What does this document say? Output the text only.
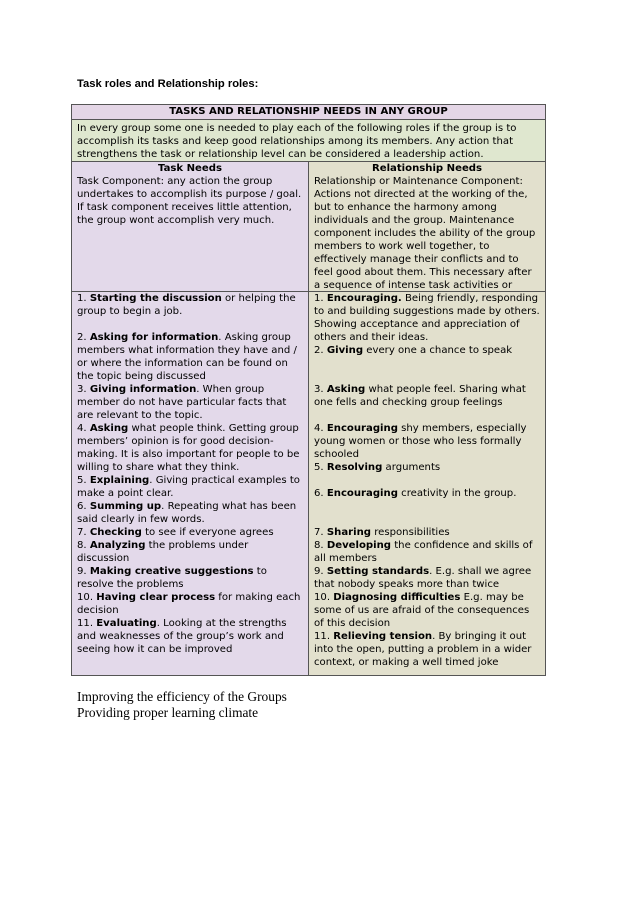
Task roles and Relationship roles:
TASKS AND RELATIONSHIP NEEDS IN ANY GROUP
In every group some one is needed to play each of the following roles if the group is to accomplish its tasks and keep good relationships among its members. Any action that strengthens the task or relationship level can be considered a leadership action.
Task Needs
Task Component: any action the group undertakes to accomplish its purpose / goal. If task component receives little attention, the group wont accomplish very much.
Relationship Needs
Relationship or Maintenance Component: Actions not directed at the working of the, but to enhance the harmony among individuals and the group. Maintenance component includes the ability of the group members to work well together, to effectively manage their conflicts and to feel good about them. This necessary after a sequence of intense task activities or
1. Starting the discussion or helping the group to begin a job.
2. Asking for information. Asking group members what information they have and / or where the information can be found on the topic being discussed
3. Giving information. When group member do not have particular facts that are relevant to the topic.
4. Asking what people think. Getting group members’ opinion is for good decision-making. It is also important for people to be willing to share what they think.
5. Explaining. Giving practical examples to make a point clear.
6. Summing up. Repeating what has been said clearly in few words.
7. Checking to see if everyone agrees
8. Analyzing the problems under discussion
9. Making creative suggestions to resolve the problems
10. Having clear process for making each decision
11. Evaluating. Looking at the strengths and weaknesses of the group’s work and seeing how it can be improved
1. Encouraging. Being friendly, responding to and building suggestions made by others. Showing acceptance and appreciation of others and their ideas.
2. Giving every one a chance to speak
3. Asking what people feel. Sharing what one fells and checking group feelings
4. Encouraging shy members, especially young women or those who less formally schooled
5. Resolving arguments
6. Encouraging creativity in the group.
7. Sharing responsibilities
8. Developing the confidence and skills of all members
9. Setting standards. E.g. shall we agree that nobody speaks more than twice
10. Diagnosing difficulties E.g. may be some of us are afraid of the consequences of this decision
11. Relieving tension. By bringing it out into the open, putting a problem in a wider context, or making a well timed joke
Improving the efficiency of the Groups
Providing proper learning climate
